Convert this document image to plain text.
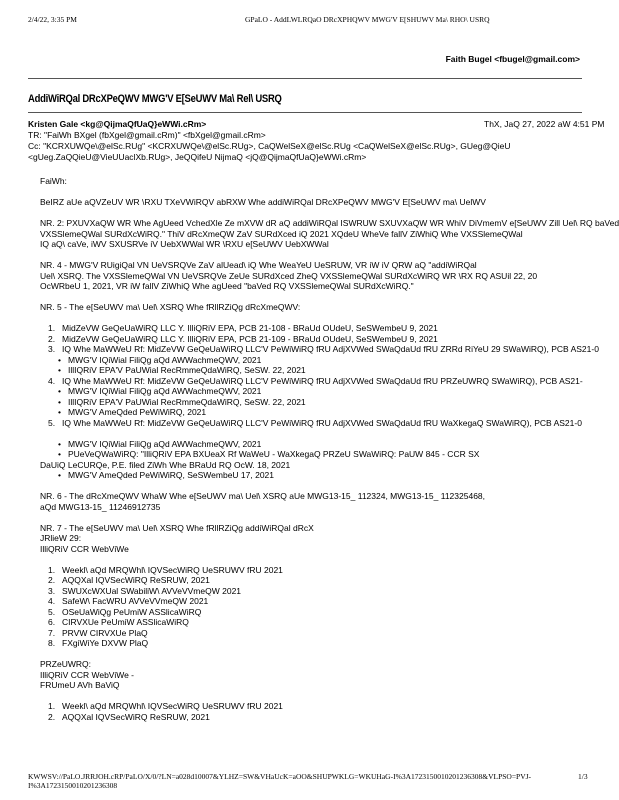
2/4/22, 3:35 PM	GPaLO - AddLWLRQaO DRcXPHQWV MWG'V E[SHUWV Ma\ RHO\ USRQ
Faith Bugel <fbugel@gmail.com>
AddiWiRQal DRcXPeQWV MWG'V E[SeUWV Ma\ Rel\ USRQ
Kristen Gale <kg@QijmaQfUaQ}eWWi.cRm>	ThX, JaQ 27, 2022 aW 4:51 PM
TR: "FaiWh BXgel (fbXgel@gmail.cRm)" <fbXgel@gmail.cRm>
Cc: "KCRXUWQe\@elSc.RUg" <KCRXUWQe\@elSc.RUg>, CaQWelSeX@elSc.RUg <CaQWelSeX@elSc.RUg>, GUeg@QieU
<gUeg.ZaQQieU@VieUUaclXb.RUg>, JeQQifeU NijmaQ <jQ@QijmaQfUaQ}eWWi.cRm>
FaiWh:
BeIRZ aUe aQVZeUV WR \RXU TXeVWiRQV abRXW Whe addiWiRQal DRcXPeQWV MWG'V E[SeUWV ma\ UelWV
NR. 2: PXUVXaQW WR Whe AgUeed VchedXle Ze mXVW dR aQ addiWiRQal ISWRUW SXUVXaQW WR WhiV DiVmemV e[SeUWV Zill Uel\ RQ baVed
VXSSlemeQWal SURdXcWiRQ." ThiV dRcXmeQW ZaV SURdXced iQ 2021 XQdeU WheVe fallV ZiWhiQ Whe VXSSlemeQWal
IQ aQ\ caVe, iWV SXUSRVe iV UebXWWal WR \RXU e[SeUWV UebXWWal
NR. 4 - MWG'V RUigiQal VN UeVSRQVe ZaV alUead\ iQ Whe WeaYeU UeSRUW, VR iW iV QRW aQ "addiWiRQal
Uel\ XSRQ. The VXSSlemeQWal VN UeVSRQVe ZeUe SURdXced ZheQ VXSSlemeQWal SURdXcWiRQ WR \RX RQ ASUil 22, 20
OcWRbeU 1, 2021, VR iW fallV ZiWhiQ Whe agUeed "baVed RQ VXSSlemeQWal SURdXcWiRQ."
NR. 5 - The e[SeUWV ma\ Uel\ XSRQ Whe fRllRZiQg dRcXmeQWV:
1. MidZeVW GeQeUaWiRQ LLC Y. IlliQRiV EPA, PCB 21-108 - BRaUd OUdeU, SeSWembeU 9, 2021
2. MidZeVW GeQeUaWiRQ LLC Y. IlliQRiV EPA, PCB 21-109 - BRaUd OUdeU, SeSWembeU 9, 2021
3. IQ Whe MaWWeU Rf: MidZeVW GeQeUaWiRQ LLC'V PeWiWiRQ fRU AdjXVWed SWaQdaUd fRU ZRRd RiYeU 29 SWaWiRQ), PCB AS21-0
• MWG'V IQiWial FiliQg aQd AWWachmeQWV, 2021
• IllIQRiV EPA'V PaUWial RecRmmeQdaWiRQ, SeSW. 22, 2021
4. IQ Whe MaWWeU Rf: MidZeVW GeQeUaWiRQ LLC'V PeWiWiRQ fRU AdjXVWed SWaQdaUd fRU PRZeUWRQ SWaWiRQ), PCB AS21-
• MWG'V IQiWial FiliQg aQd AWWachmeQWV, 2021
• IllIQRiV EPA'V PaUWial RecRmmeQdaWiRQ, SeSW. 22, 2021
• MWG'V AmeQded PeWiWiRQ, 2021
5. IQ Whe MaWWeU Rf: MidZeVW GeQeUaWiRQ LLC'V PeWiWiRQ fRU AdjXVWed SWaQdaUd fRU WaXkegaQ SWaWiRQ), PCB AS21-0
• MWG'V IQiWial FiliQg aQd AWWachmeQWV, 2021
• PUeVeQWaWiRQ: "IlliQRiV EPA BXUeaX Rf WaWeU - WaXkegaQ PRZeU SWaWiRQ: PaUW 845 - CCR SX
DaUiQ LeCURQe, P.E. filed ZiWh Whe BRaUd RQ OcW. 18, 2021
• MWG'V AmeQded PeWiWiRQ, SeSWembeU 17, 2021
NR. 6 - The dRcXmeQWV WhaW Whe e[SeUWV ma\ Uel\ XSRQ aUe MWG13-15_ 112324, MWG13-15_ 112325468,
aQd MWG13-15_ 11246912735
NR. 7 - The e[SeUWV ma\ Uel\ XSRQ Whe fRllRZiQg addiWiRQal dRcX
JRlieW 29:
IlliQRiV CCR WebViWe
1. Weekl\ aQd MRQWhl\ IQVSecWiRQ UeSRUWV fRU 2021
2. AQQXal IQVSecWiRQ ReSRUW, 2021
3. SWUXcWXUal SWabiliW\ AVVeVVmeQW 2021
4. SafeW\ FacWRU AVVeVVmeQW 2021
5. OSeUaWiQg PeUmiW ASSlicaWiRQ
6. CIRVXUe PeUmiW ASSlicaWiRQ
7. PRVW CIRVXUe PlaQ
8. FXgiWiYe DXVW PlaQ
PRZeUWRQ:
IlliQRiV CCR WebViWe -
FRUmeU AVh BaViQ
1. Weekl\ aQd MRQWhl\ IQVSecWiRQ UeSRUWV fRU 2021
2. AQQXal IQVSecWiRQ ReSRUW, 2021
KWWSV://PaLO.JRRJOH.cRP/PaLO/X/0/?LN=a028d10007&YLHZ=SW&VHaUcK=aOO&SHUPWKLG=WKUHaG-I%3A1723150010201236308&VLPSO=PVJ-I%3A1723150010201236308
1/3
